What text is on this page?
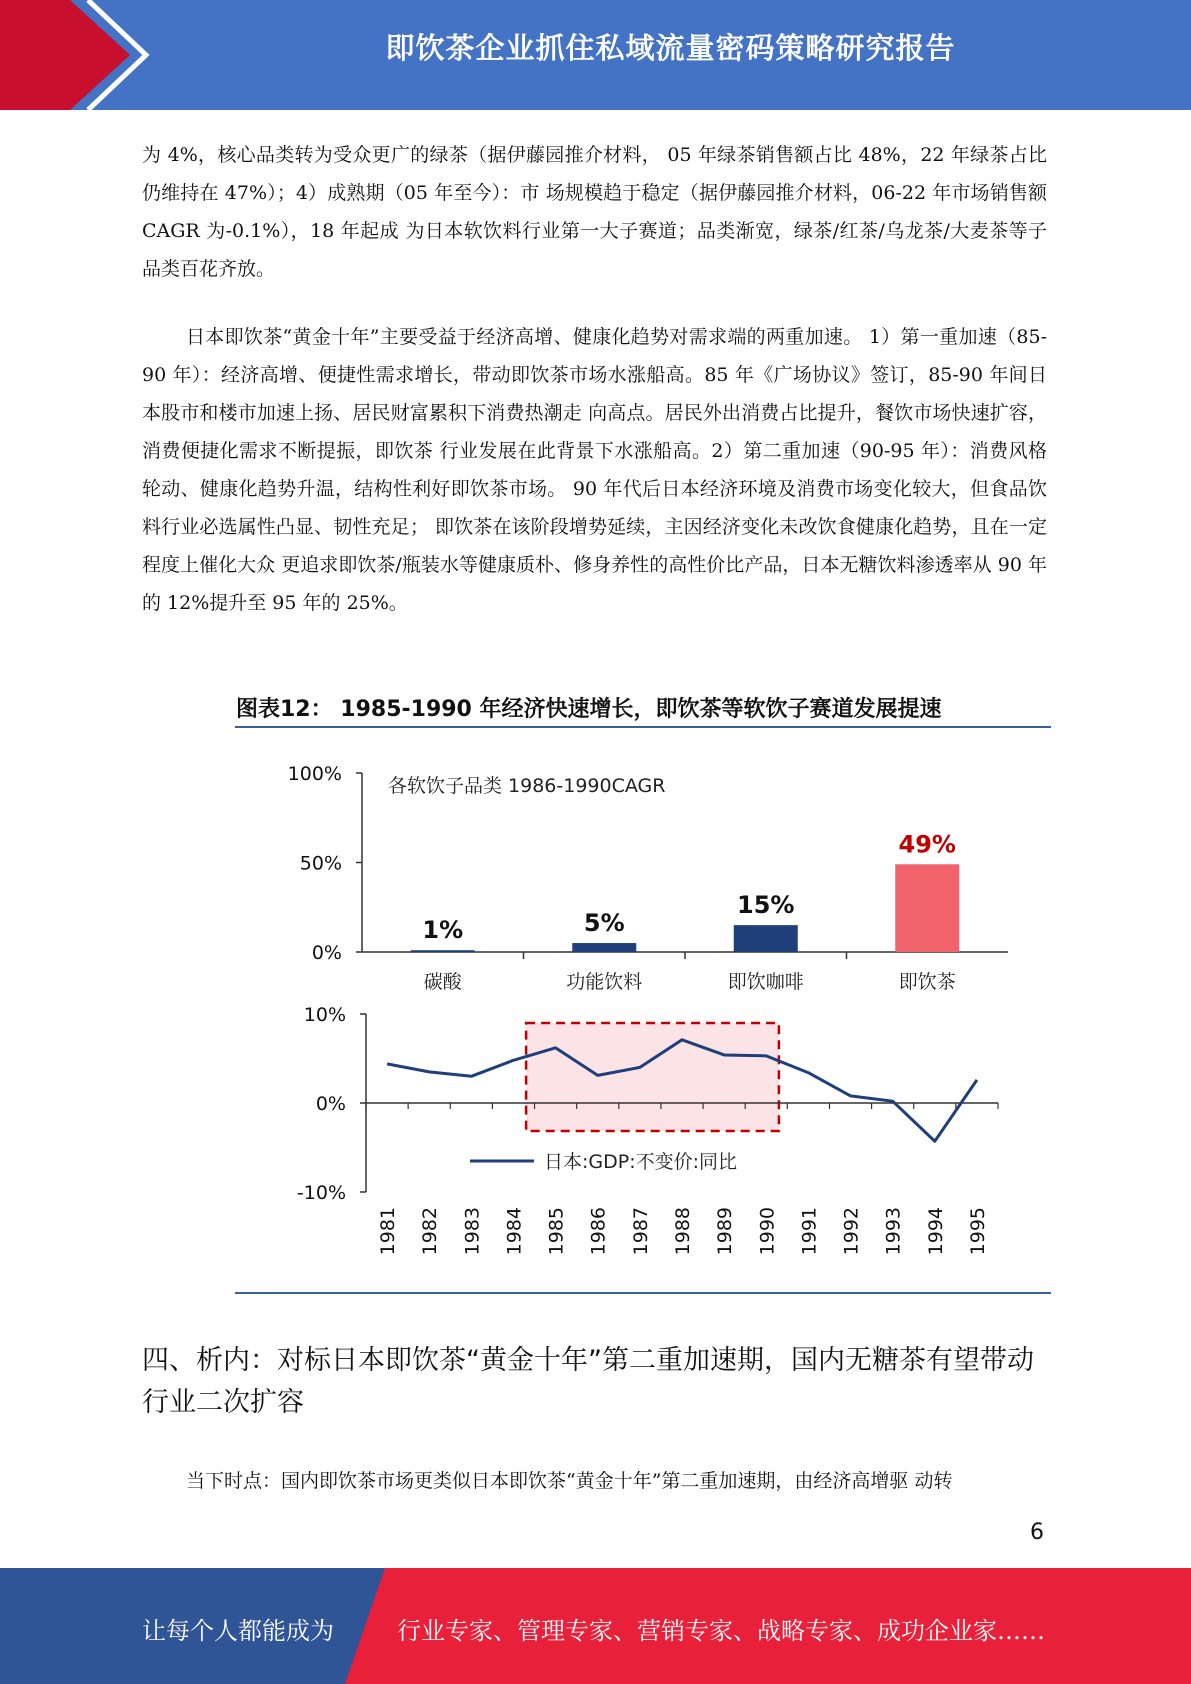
即饮茶企业抓住私域流量密码策略研究报告

为 4%，核心品类转为受众更广的绿茶（据伊藤园推介材料， 05 年绿茶销售额占比 48%，22 年绿茶占比仍维持在 47%）；4）成熟期（05 年至今）：市 场规模趋于稳定（据伊藤园推介材料，06-22 年市场销售额 CAGR 为-0.1%），18 年起成 为日本软饮料行业第一大子赛道；品类渐宽，绿茶/红茶/乌龙茶/大麦茶等子品类百花齐放。

日本即饮茶“黄金十年”主要受益于经济高增、健康化趋势对需求端的两重加速。 1）第一重加速（85-90 年）：经济高增、便捷性需求增长，带动即饮茶市场水涨船高。85 年《广场协议》签订，85-90 年间日本股市和楼市加速上扬、居民财富累积下消费热潮走 向高点。居民外出消费占比提升，餐饮市场快速扩容，消费便捷化需求不断提振，即饮茶 行业发展在此背景下水涨船高。2）第二重加速（90-95 年）：消费风格轮动、健康化趋势升温，结构性利好即饮茶市场。 90 年代后日本经济环境及消费市场变化较大，但食品饮料行业必选属性凸显、韧性充足； 即饮茶在该阶段增势延续，主因经济变化未改饮食健康化趋势，且在一定程度上催化大众 更追求即饮茶/瓶装水等健康质朴、修身养性的高性价比产品，日本无糖饮料渗透率从 90 年的 12%提升至 95 年的 25%。

图表12： 1985-1990 年经济快速增长，即饮茶等软饮子赛道发展提速
0%
50%
100%
各软饮子品类 1986-1990CAGR
1%
碳酸
5%
功能饮料
15%
即饮咖啡
49%
即饮茶
-10%
0%
10%
1981 1982 1983 1984 1985 1986 1987 1988 1989 1990 1991 1992 1993 1994 1995
日本:GDP:不变价:同比
四、析内：对标日本即饮茶“黄金十年”第二重加速期，国内无糖茶有望带动行业二次扩容

当下时点：国内即饮茶市场更类似日本即饮茶“黄金十年”第二重加速期，由经济高增驱 动转

6
让每个人都能成为	行业专家、管理专家、营销专家、战略专家、成功企业家……
